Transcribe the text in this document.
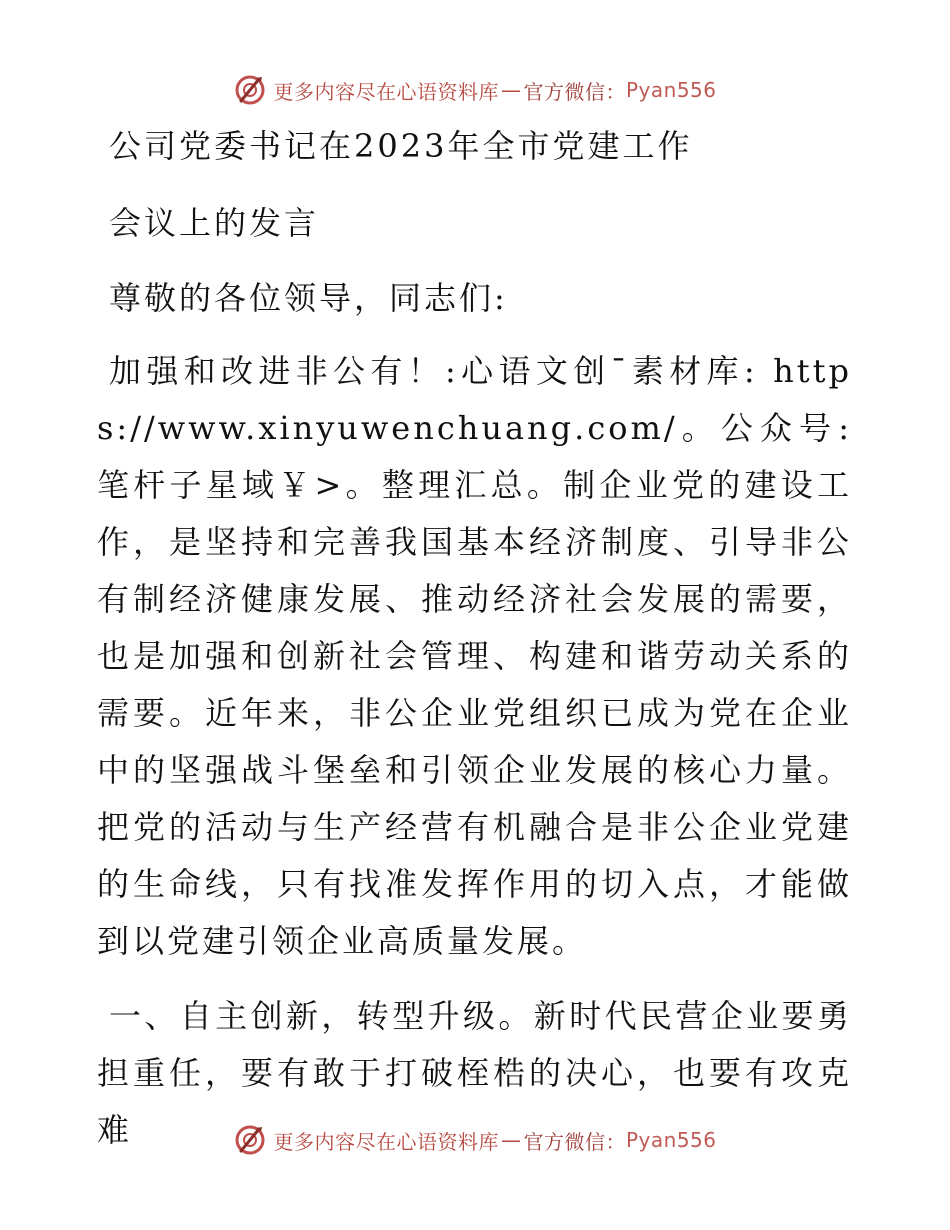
更多内容尽在心语资料库 — 官方微信： Pyan556

公司党委书记在2023年全市党建工作

会议上的发言

尊敬的各位领导，同志们:

加强和改进非公有！:心语文创¯素材库: https://www.xinyuwenchuang.com/。公众号: 笔杆子星域￥>。整理汇总。制企业党的建设工作，是坚持和完善我国基本经济制度、引导非公有制经济健康发展、推动经济社会发展的需要，也是加强和创新社会管理、构建和谐劳动关系的需要。近年来，非公企业党组织已成为党在企业中的坚强战斗堡垒和引领企业发展的核心力量。把党的活动与生产经营有机融合是非公企业党建的生命线，只有找准发挥作用的切入点，才能做到以党建引领企业高质量发展。

一、自主创新，转型升级。新时代民营企业要勇担重任，要有敢于打破桎梏的决心，也要有攻克难	更多内容尽在心语资料库 — 官方微信： Pyan556
